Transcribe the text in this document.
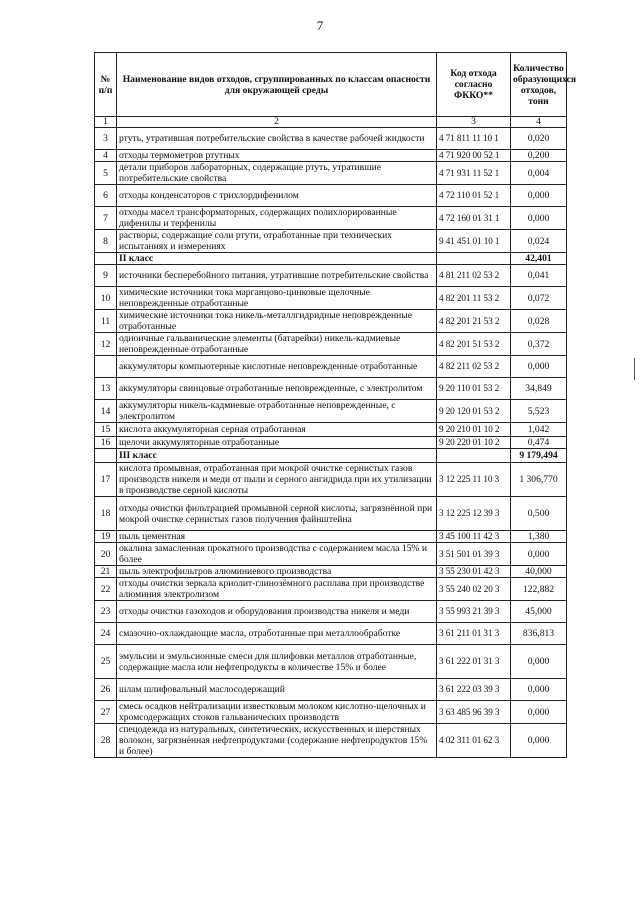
7
№ п/п	Наименование видов отходов, сгруппированных по классам опасности для окружающей среды	Код отхода согласно ФККО**	Количество образующихся отходов, тонн
1	2	3	4
3	ртуть, утратившая потребительские свойства в качестве рабочей жидкости	4 71 811 11 10 1	0,020
4	отходы термометров ртутных	4 71 920 00 52 1	0,200
5	детали приборов лабораторных, содержащие ртуть, утратившие потребительские свойства	4 71 931 11 52 1	0,004
6	отходы конденсаторов с трихлордифенилом	4 72 110 01 52 1	0,000
7	отходы масел трансформаторных, содержащих полихлорированные дифенилы и терфенилы	4 72 160 01 31 1	0,000
8	растворы, содержащие соли ртути, отработанные при технических испытаниях и измерениях	9 41 451 01 10 1	0,024
	II класс		42,401
9	источники бесперебойного питания, утратившие потребительские свойства	4 81 211 02 53 2	0,041
10	химические источники тока марганцово-цинковые щелочные неповрежденные отработанные	4 82 201 11 53 2	0,072
11	химические источники тока никель-металлгидридные неповрежденные отработанные	4 82 201 21 53 2	0,028
12	одноичные гальванические элементы (батарейки) никель-кадмиевые неповрежденные отработанные	4 82 201 51 53 2	0,372
	аккумуляторы компьютерные кислотные неповрежденные отработанные	4 82 211 02 53 2	0,000
13	аккумуляторы свинцовые отработанные неповрежденные, с электролитом	9 20 110 01 53 2	34,849
14	аккумуляторы никель-кадмиевые отработанные неповрежденные, с электролитом	9 20 120 01 53 2	5,523
15	кислота аккумуляторная серная отработанная	9 20 210 01 10 2	1,042
16	щелочи аккумуляторные отработанные	9 20 220 01 10 2	0,474
	III класс		9 179,494
17	кислота промывная, отработанная при мокрой очистке сернистых газов производств никеля и меди от пыли и серного ангидрида при их утилизации в производстве серной кислоты	3 12 225 11 10 3	1 306,770
18	отходы очистки фильтрацией промывной серной кислоты, загрязнённой при мокрой очистке сернистых газов получения файнштейна	3 12 225 12 39 3	0,500
19	пыль цементная	3 45 100 11 42 3	1,380
20	окалина замасленная прокатного производства с содержанием масла 15% и более	3 51 501 01 39 3	0,000
21	пыль электрофильтров алюминиевого производства	3 55 230 01 42 3	40,000
22	отходы очистки зеркала криолит-глинозёмного расплава при производстве алюминия электролизом	3 55 240 02 20 3	122,882
23	отходы очистки газоходов и оборудования производства никеля и меди	3 55 993 21 39 3	45,000
24	смазочно-охлаждающие масла, отработанные при металлообработке	3 61 211 01 31 3	836,813
25	эмульсии и эмульсионные смеси для шлифовки металлов отработанные, содержащие масла или нефтепродукты в количестве 15% и более	3 61 222 01 31 3	0,000
26	шлам шлифовальный маслосодержащий	3 61 222 03 39 3	0,000
27	смесь осадков нейтрализации известковым молоком кислотно-щелочных и хромсодержащих стоков гальванических производств	3 63 485 96 39 3	0,000
28	спецодежда из натуральных, синтетических, искусственных и шерстяных волокон, загрязнённая нефтепродуктами (содержание нефтепродуктов 15% и более)	4 02 311 01 62 3	0,000
